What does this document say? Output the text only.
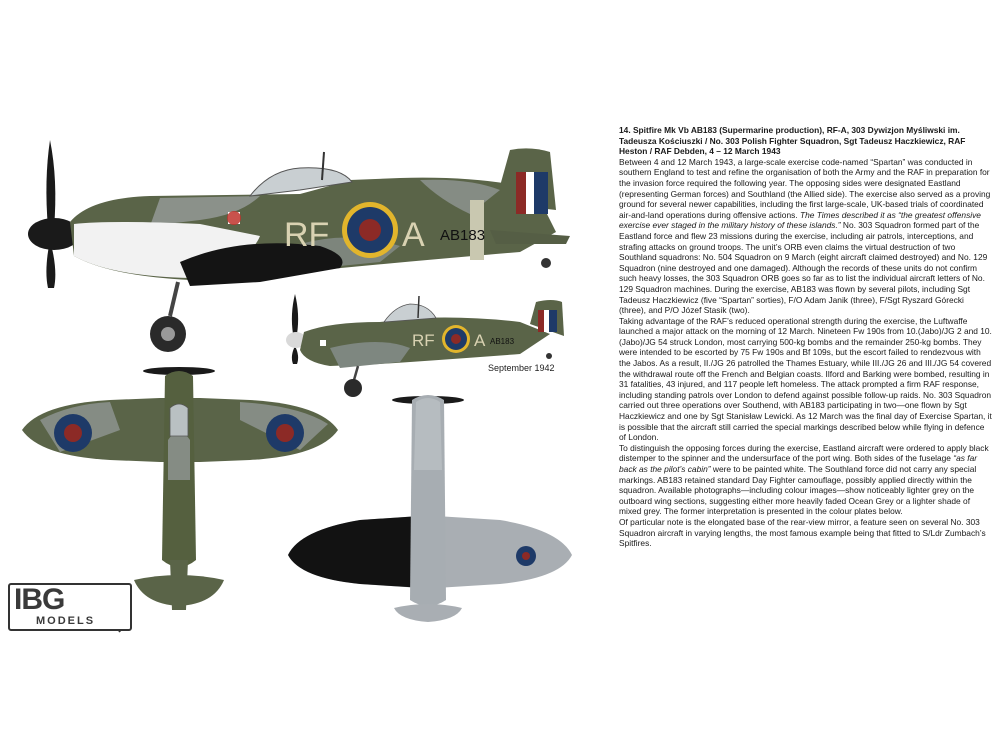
IBG
MODELS
RF A AB183
RF A AB183
September 1942
14. Spitfire Mk Vb AB183 (Supermarine production), RF-A, 303 Dywizjon Myśliwski im. Tadeusza Kościuszki / No. 303 Polish Fighter Squadron, Sgt Tadeusz Haczkiewicz, RAF Heston / RAF Debden, 4 – 12 March 1943

Between 4 and 12 March 1943, a large-scale exercise code-named “Spartan” was conducted in southern England to test and refine the organisation of both the Army and the RAF in preparation for the invasion force required the following year. The opposing sides were designated Eastland (representing German forces) and Southland (the Allied side). The exercise also served as a proving ground for several newer capabilities, including the first large-scale, UK-based trials of coordinated air-and-land operations during offensive actions. The Times described it as “the greatest offensive exercise ever staged in the military history of these islands.” No. 303 Squadron formed part of the Eastland force and flew 23 missions during the exercise, including air patrols, interceptions, and strafing attacks on ground troops. The unit’s ORB even claims the virtual destruction of two Southland squadrons: No. 504 Squadron on 9 March (eight aircraft claimed destroyed) and No. 129 Squadron (nine destroyed and one damaged). Although the records of these units do not confirm such heavy losses, the 303 Squadron ORB goes so far as to list the individual aircraft letters of No. 129 Squadron machines. During the exercise, AB183 was flown by several pilots, including Sgt Tadeusz Haczkiewicz (five “Spartan” sorties), F/O Adam Janik (three), F/Sgt Ryszard Górecki (three), and P/O Józef Stasik (two).

Taking advantage of the RAF’s reduced operational strength during the exercise, the Luftwaffe launched a major attack on the morning of 12 March. Nineteen Fw 190s from 10.(Jabo)/JG 2 and 10.(Jabo)/JG 54 struck London, most carrying 500-kg bombs and the remainder 250-kg bombs. They were intended to be escorted by 75 Fw 190s and Bf 109s, but the escort failed to rendezvous with the Jabos. As a result, II./JG 26 patrolled the Thames Estuary, while III./JG 26 and III./JG 54 covered the withdrawal route off the French and Belgian coasts. Ilford and Barking were bombed, resulting in 31 fatalities, 43 injured, and 117 people left homeless. The attack prompted a firm RAF response, including standing patrols over London to defend against possible follow-up raids. No. 303 Squadron carried out three operations over Southend, with AB183 participating in two—one flown by Sgt Haczkiewicz and one by Sgt Stanisław Lewicki. As 12 March was the final day of Exercise Spartan, it is possible that the aircraft still carried the special markings described below while flying in defence of London.

To distinguish the opposing forces during the exercise, Eastland aircraft were ordered to apply black distemper to the spinner and the undersurface of the port wing. Both sides of the fuselage “as far back as the pilot’s cabin” were to be painted white. The Southland force did not carry any special markings. AB183 retained standard Day Fighter camouflage, possibly applied directly within the squadron. Available photographs—including colour images—show noticeably lighter grey on the outboard wing sections, suggesting either more heavily faded Ocean Grey or a lighter shade of mixed grey. The former interpretation is presented in the colour plates below.

Of particular note is the elongated base of the rear-view mirror, a feature seen on several No. 303 Squadron aircraft in varying lengths, the most famous example being that fitted to S/Ldr Zumbach’s Spitfires.
